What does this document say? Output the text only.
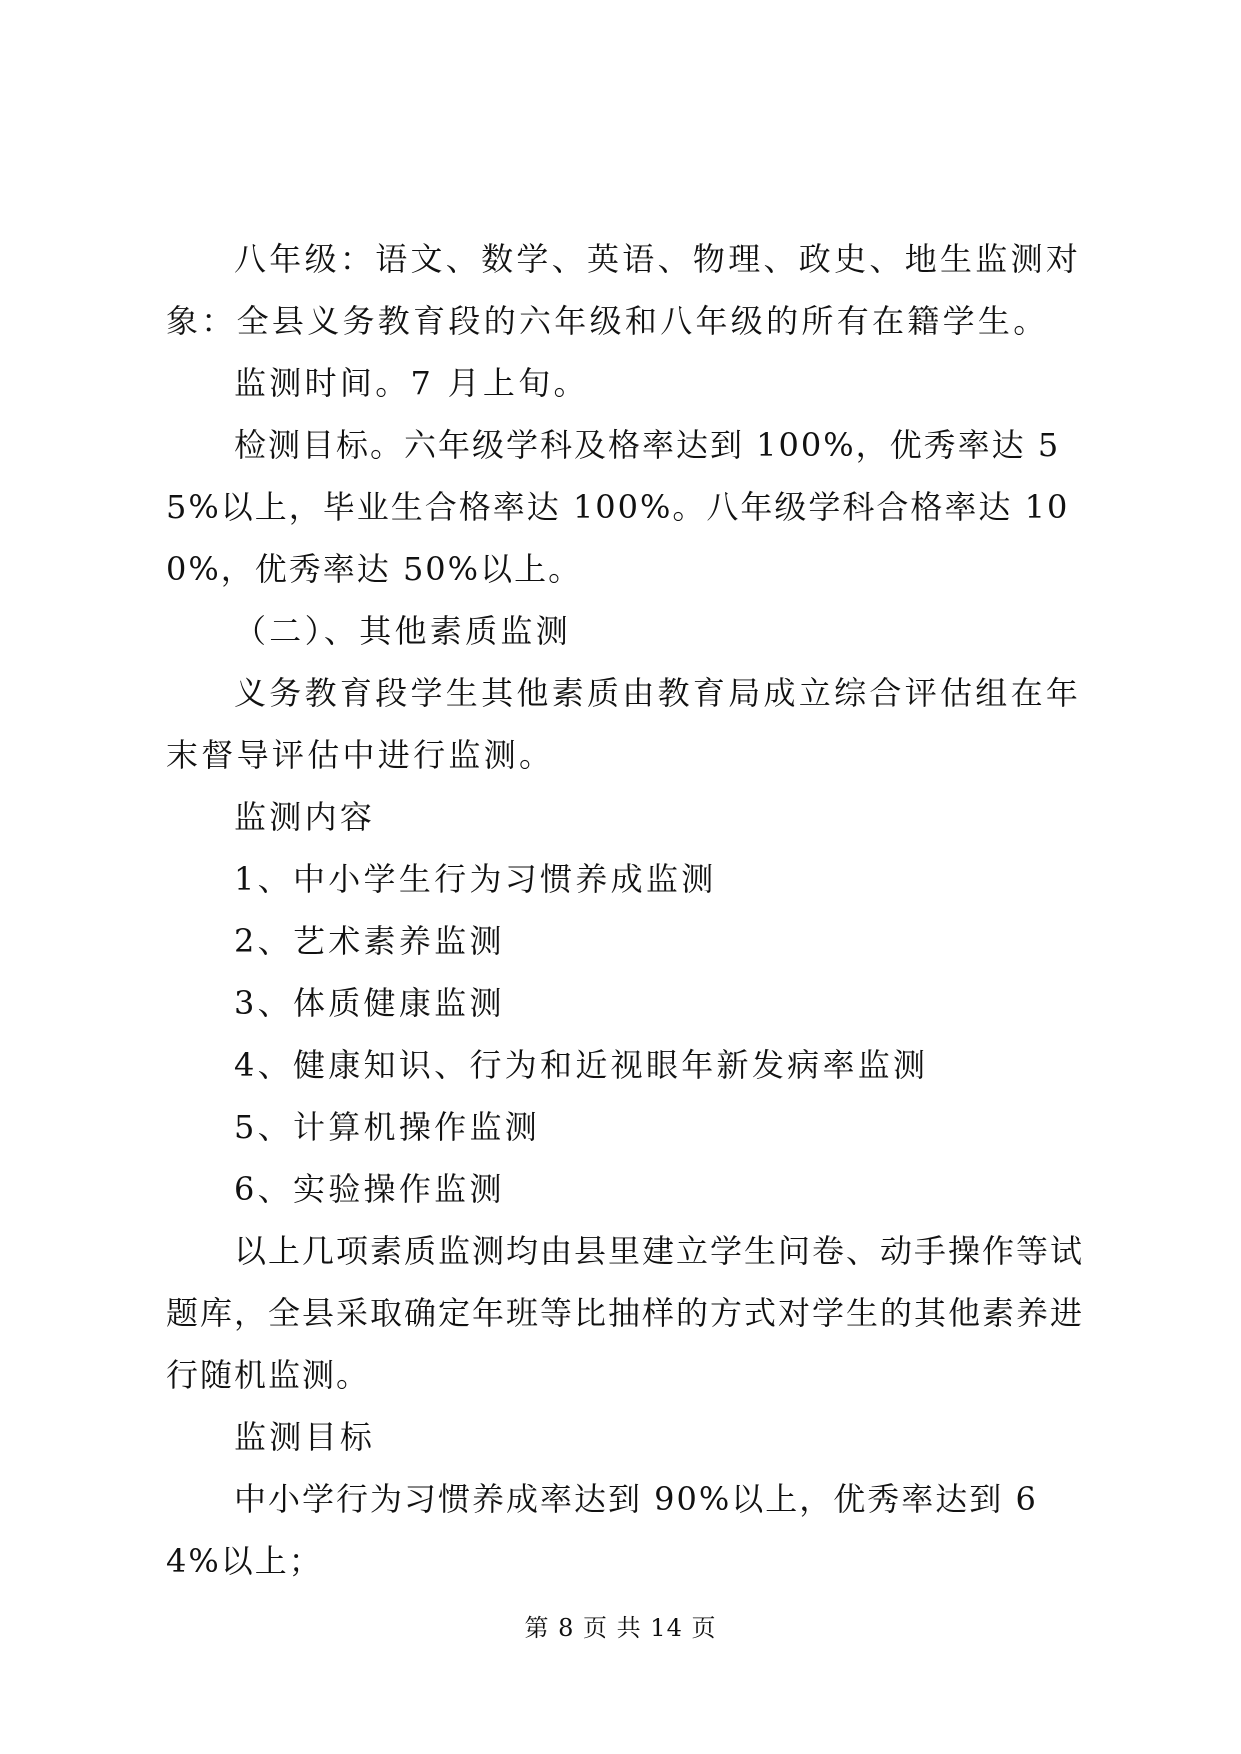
八年级：语文、数学、英语、物理、政史、地生监测对象：全县义务教育段的六年级和八年级的所有在籍学生。

监测时间。7 月上旬。

检测目标。六年级学科及格率达到 100%，优秀率达 55%以上，毕业生合格率达 100%。八年级学科合格率达 100%，优秀率达 50%以上。

（二）、其他素质监测

义务教育段学生其他素质由教育局成立综合评估组在年末督导评估中进行监测。

监测内容

1、中小学生行为习惯养成监测

2、艺术素养监测

3、体质健康监测

4、健康知识、行为和近视眼年新发病率监测

5、计算机操作监测

6、实验操作监测

以上几项素质监测均由县里建立学生问卷、动手操作等试题库，全县采取确定年班等比抽样的方式对学生的其他素养进行随机监测。

监测目标

中小学行为习惯养成率达到 90%以上，优秀率达到 64%以上；

第 8 页 共 14 页
